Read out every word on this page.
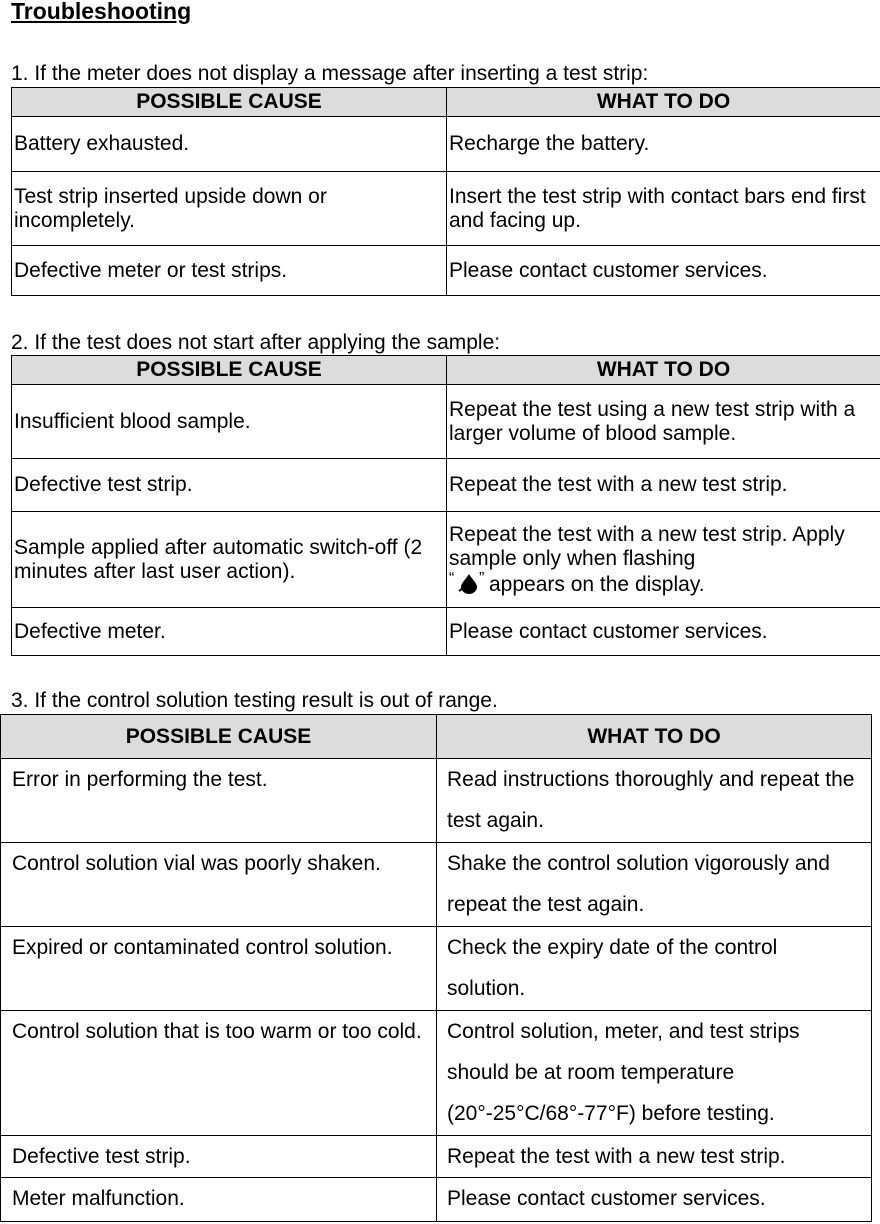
Troubleshooting

1. If the meter does not display a message after inserting a test strip:

POSSIBLE CAUSE	WHAT TO DO
Battery exhausted.	Recharge the battery.
Test strip inserted upside down or incompletely.	Insert the test strip with contact bars end first and facing up.
Defective meter or test strips.	Please contact customer services.

2. If the test does not start after applying the sample:

POSSIBLE CAUSE	WHAT TO DO
Insufficient blood sample.	Repeat the test using a new test strip with a larger volume of blood sample.
Defective test strip.	Repeat the test with a new test strip.
Sample applied after automatic switch-off (2 minutes after last user action).	Repeat the test with a new test strip. Apply sample only when flashing

“ ” appears on the display.
Defective meter.	Please contact customer services.

3. If the control solution testing result is out of range.

POSSIBLE CAUSE	WHAT TO DO
Error in performing the test.	Read instructions thoroughly and repeat the test again.
Control solution vial was poorly shaken.	Shake the control solution vigorously and repeat the test again.
Expired or contaminated control solution.	Check the expiry date of the control solution.
Control solution that is too warm or too cold.	Control solution, meter, and test strips should be at room temperature (20°-25°C/68°-77°F) before testing.
Defective test strip.	Repeat the test with a new test strip.
Meter malfunction.	Please contact customer services.
